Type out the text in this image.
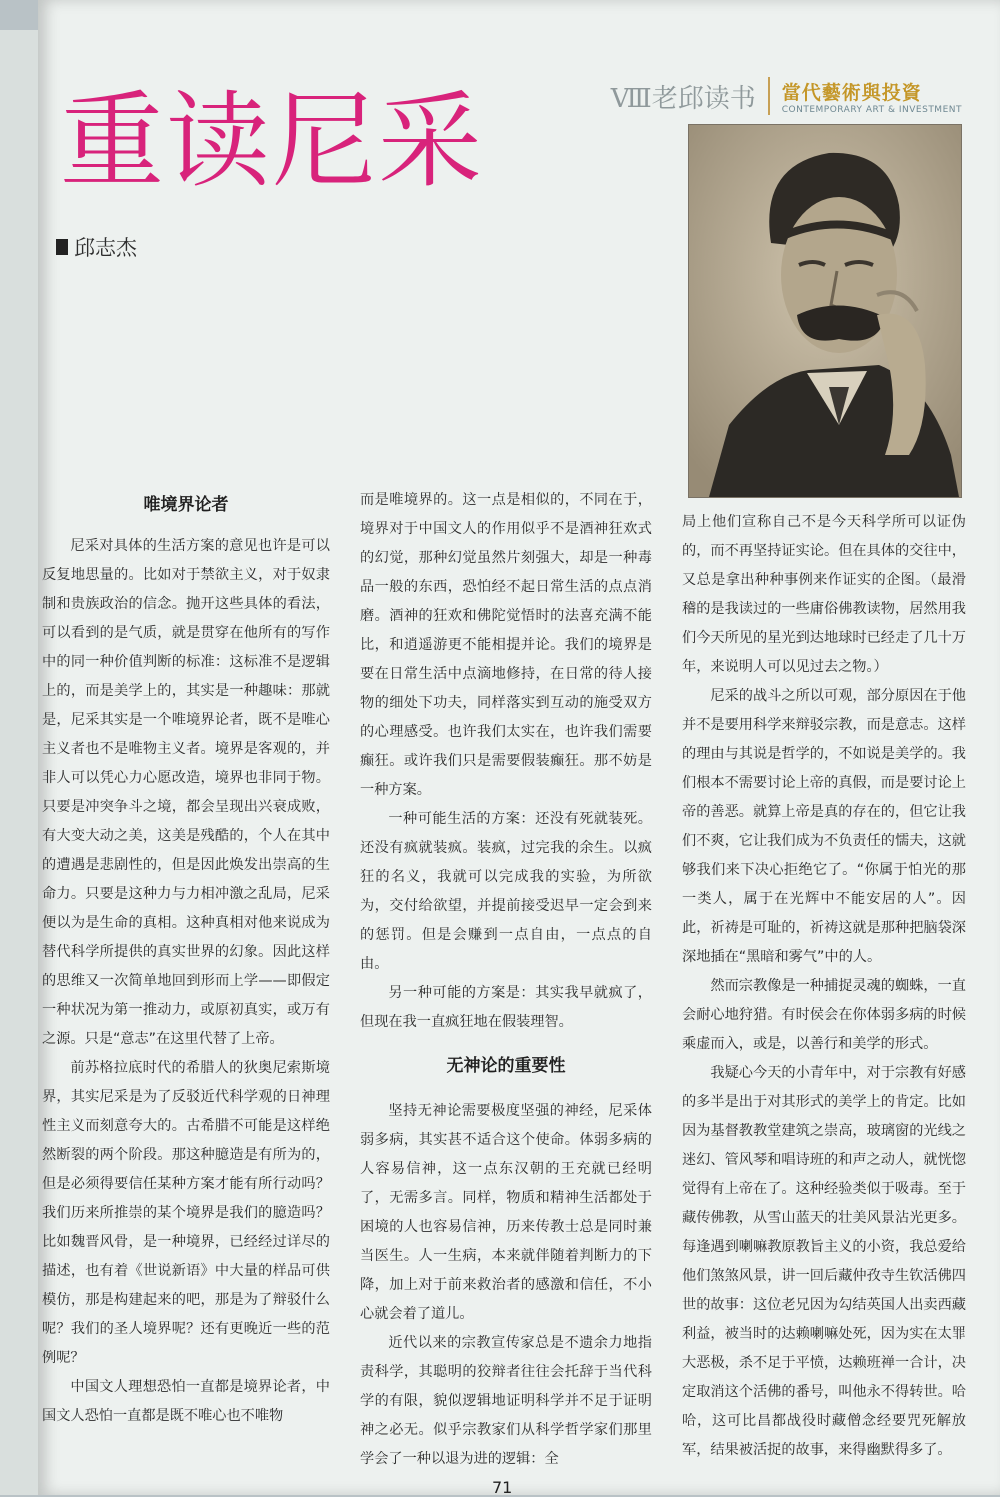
Ⅷ老邱读书 當代藝術與投資
CONTEMPORARY ART & INVESTMENT
重读尼采
邱志杰
唯境界论者

尼采对具体的生活方案的意见也许是可以反复地思量的。比如对于禁欲主义，对于奴隶制和贵族政治的信念。抛开这些具体的看法，可以看到的是气质，就是贯穿在他所有的写作中的同一种价值判断的标准：这标准不是逻辑上的，而是美学上的，其实是一种趣味：那就是，尼采其实是一个唯境界论者，既不是唯心主义者也不是唯物主义者。境界是客观的，并非人可以凭心力心愿改造，境界也非同于物。只要是冲突争斗之境，都会呈现出兴衰成败，有大变大动之美，这美是残酷的，个人在其中的遭遇是悲剧性的，但是因此焕发出崇高的生命力。只要是这种力与力相冲激之乱局，尼采便以为是生命的真相。这种真相对他来说成为替代科学所提供的真实世界的幻象。因此这样的思维又一次简单地回到形而上学——即假定一种状况为第一推动力，或原初真实，或万有之源。只是“意志”在这里代替了上帝。

前苏格拉底时代的希腊人的狄奥尼索斯境界，其实尼采是为了反驳近代科学观的日神理性主义而刻意夸大的。古希腊不可能是这样绝然断裂的两个阶段。那这种臆造是有所为的，但是必须得要信任某种方案才能有所行动吗？我们历来所推崇的某个境界是我们的臆造吗？比如魏晋风骨，是一种境界，已经经过详尽的描述，也有着《世说新语》中大量的样品可供模仿，那是构建起来的吧，那是为了辩驳什么呢？我们的圣人境界呢？还有更晚近一些的范例呢？

中国文人理想恐怕一直都是境界论者，中国文人恐怕一直都是既不唯心也不唯物

而是唯境界的。这一点是相似的，不同在于，境界对于中国文人的作用似乎不是酒神狂欢式的幻觉，那种幻觉虽然片刻强大，却是一种毒品一般的东西，恐怕经不起日常生活的点点消磨。酒神的狂欢和佛陀觉悟时的法喜充满不能比，和逍遥游更不能相提并论。我们的境界是要在日常生活中点滴地修持，在日常的待人接物的细处下功夫，同样落实到互动的施受双方的心理感受。也许我们太实在，也许我们需要癫狂。或许我们只是需要假装癫狂。那不妨是一种方案。

一种可能生活的方案：还没有死就装死。还没有疯就装疯。装疯，过完我的余生。以疯狂的名义，我就可以完成我的实验，为所欲为，交付给欲望，并提前接受迟早一定会到来的惩罚。但是会赚到一点自由，一点点的自由。

另一种可能的方案是：其实我早就疯了，但现在我一直疯狂地在假装理智。

无神论的重要性

坚持无神论需要极度坚强的神经，尼采体弱多病，其实甚不适合这个使命。体弱多病的人容易信神，这一点东汉朝的王充就已经明了，无需多言。同样，物质和精神生活都处于困境的人也容易信神，历来传教士总是同时兼当医生。人一生病，本来就伴随着判断力的下降，加上对于前来救治者的感激和信任，不小心就会着了道儿。

近代以来的宗教宣传家总是不遗余力地指责科学，其聪明的狡辩者往往会托辞于当代科学的有限，貌似逻辑地证明科学并不足于证明神之必无。似乎宗教家们从科学哲学家们那里学会了一种以退为进的逻辑：全

局上他们宣称自己不是今天科学所可以证伪的，而不再坚持证实论。但在具体的交往中，又总是拿出种种事例来作证实的企图。（最滑稽的是我读过的一些庸俗佛教读物，居然用我们今天所见的星光到达地球时已经走了几十万年，来说明人可以见过去之物。）

尼采的战斗之所以可观，部分原因在于他并不是要用科学来辩驳宗教，而是意志。这样的理由与其说是哲学的，不如说是美学的。我们根本不需要讨论上帝的真假，而是要讨论上帝的善恶。就算上帝是真的存在的，但它让我们不爽，它让我们成为不负责任的懦夫，这就够我们来下决心拒绝它了。“你属于怕光的那一类人，属于在光辉中不能安居的人”。因此，祈祷是可耻的，祈祷这就是那种把脑袋深深地插在“黑暗和雾气”中的人。

然而宗教像是一种捕捉灵魂的蜘蛛，一直会耐心地狩猎。有时侯会在你体弱多病的时候乘虚而入，或是，以善行和美学的形式。

我疑心今天的小青年中，对于宗教有好感的多半是出于对其形式的美学上的肯定。比如因为基督教教堂建筑之崇高，玻璃窗的光线之迷幻、管风琴和唱诗班的和声之动人，就恍惚觉得有上帝在了。这种经验类似于吸毒。至于藏传佛教，从雪山蓝天的壮美风景沾光更多。每逢遇到喇嘛教原教旨主义的小资，我总爱给他们煞煞风景，讲一回后藏仲孜寺生钦活佛四世的故事：这位老兄因为勾结英国人出卖西藏利益，被当时的达赖喇嘛处死，因为实在太罪大恶极，杀不足于平愤，达赖班禅一合计，决定取消这个活佛的番号，叫他永不得转世。哈哈，这可比昌都战役时藏僧念经要咒死解放军，结果被活捉的故事，来得幽默得多了。

71
